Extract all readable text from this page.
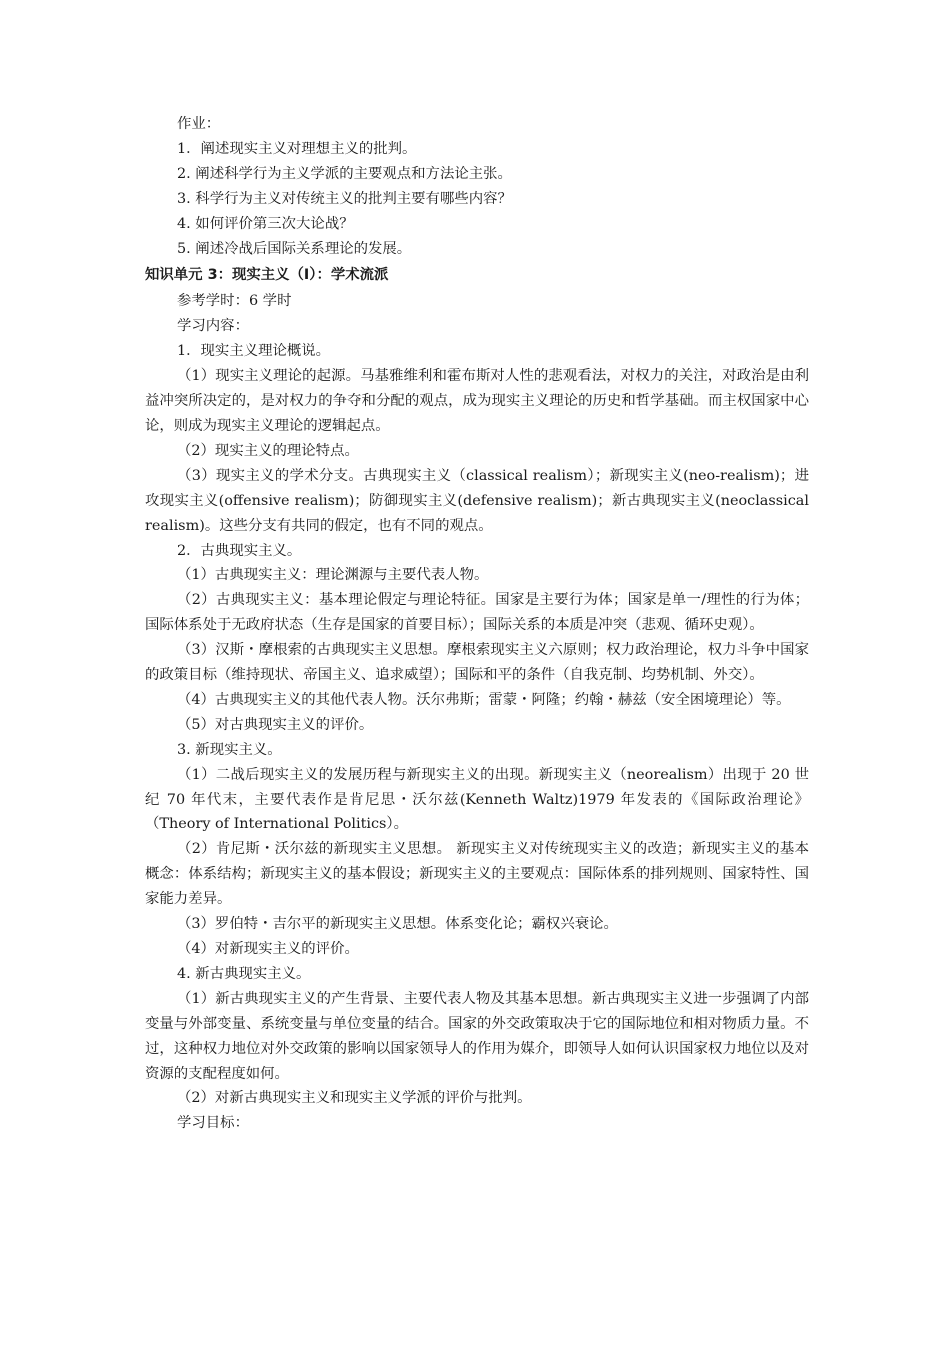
作业：

1．阐述现实主义对理想主义的批判。

2. 阐述科学行为主义学派的主要观点和方法论主张。

3. 科学行为主义对传统主义的批判主要有哪些内容？

4. 如何评价第三次大论战？

5. 阐述冷战后国际关系理论的发展。

知识单元 3：现实主义（I）：学术流派

参考学时：6 学时

学习内容：

1．现实主义理论概说。

（1）现实主义理论的起源。马基雅维利和霍布斯对人性的悲观看法，对权力的关注，对政治是由利益冲突所决定的，是对权力的争夺和分配的观点，成为现实主义理论的历史和哲学基础。而主权国家中心论，则成为现实主义理论的逻辑起点。

（2）现实主义的理论特点。

（3）现实主义的学术分支。古典现实主义（classical realism）；新现实主义(neo-realism)；进攻现实主义(offensive realism)；防御现实主义(defensive realism)；新古典现实主义(neoclassical realism)。这些分支有共同的假定，也有不同的观点。

2．古典现实主义。

（1）古典现实主义：理论渊源与主要代表人物。

（2）古典现实主义：基本理论假定与理论特征。国家是主要行为体；国家是单一/理性的行为体；国际体系处于无政府状态（生存是国家的首要目标）；国际关系的本质是冲突（悲观、循环史观）。

（3）汉斯・摩根索的古典现实主义思想。摩根索现实主义六原则；权力政治理论，权力斗争中国家的政策目标（维持现状、帝国主义、追求威望）；国际和平的条件（自我克制、均势机制、外交）。

（4）古典现实主义的其他代表人物。沃尔弗斯；雷蒙・阿隆；约翰・赫兹（安全困境理论）等。

（5）对古典现实主义的评价。

3. 新现实主义。

（1）二战后现实主义的发展历程与新现实主义的出现。新现实主义（neorealism）出现于 20 世纪 70 年代末，主要代表作是肯尼思・沃尔兹(Kenneth Waltz)1979 年发表的《国际政治理论》（Theory of International Politics）。

（2）肯尼斯・沃尔兹的新现实主义思想。 新现实主义对传统现实主义的改造；新现实主义的基本概念：体系结构；新现实主义的基本假设；新现实主义的主要观点：国际体系的排列规则、国家特性、国家能力差异。

（3）罗伯特・吉尔平的新现实主义思想。体系变化论；霸权兴衰论。

（4）对新现实主义的评价。

4. 新古典现实主义。

（1）新古典现实主义的产生背景、主要代表人物及其基本思想。新古典现实主义进一步强调了内部变量与外部变量、系统变量与单位变量的结合。国家的外交政策取决于它的国际地位和相对物质力量。不过，这种权力地位对外交政策的影响以国家领导人的作用为媒介，即领导人如何认识国家权力地位以及对资源的支配程度如何。

（2）对新古典现实主义和现实主义学派的评价与批判。

学习目标：
